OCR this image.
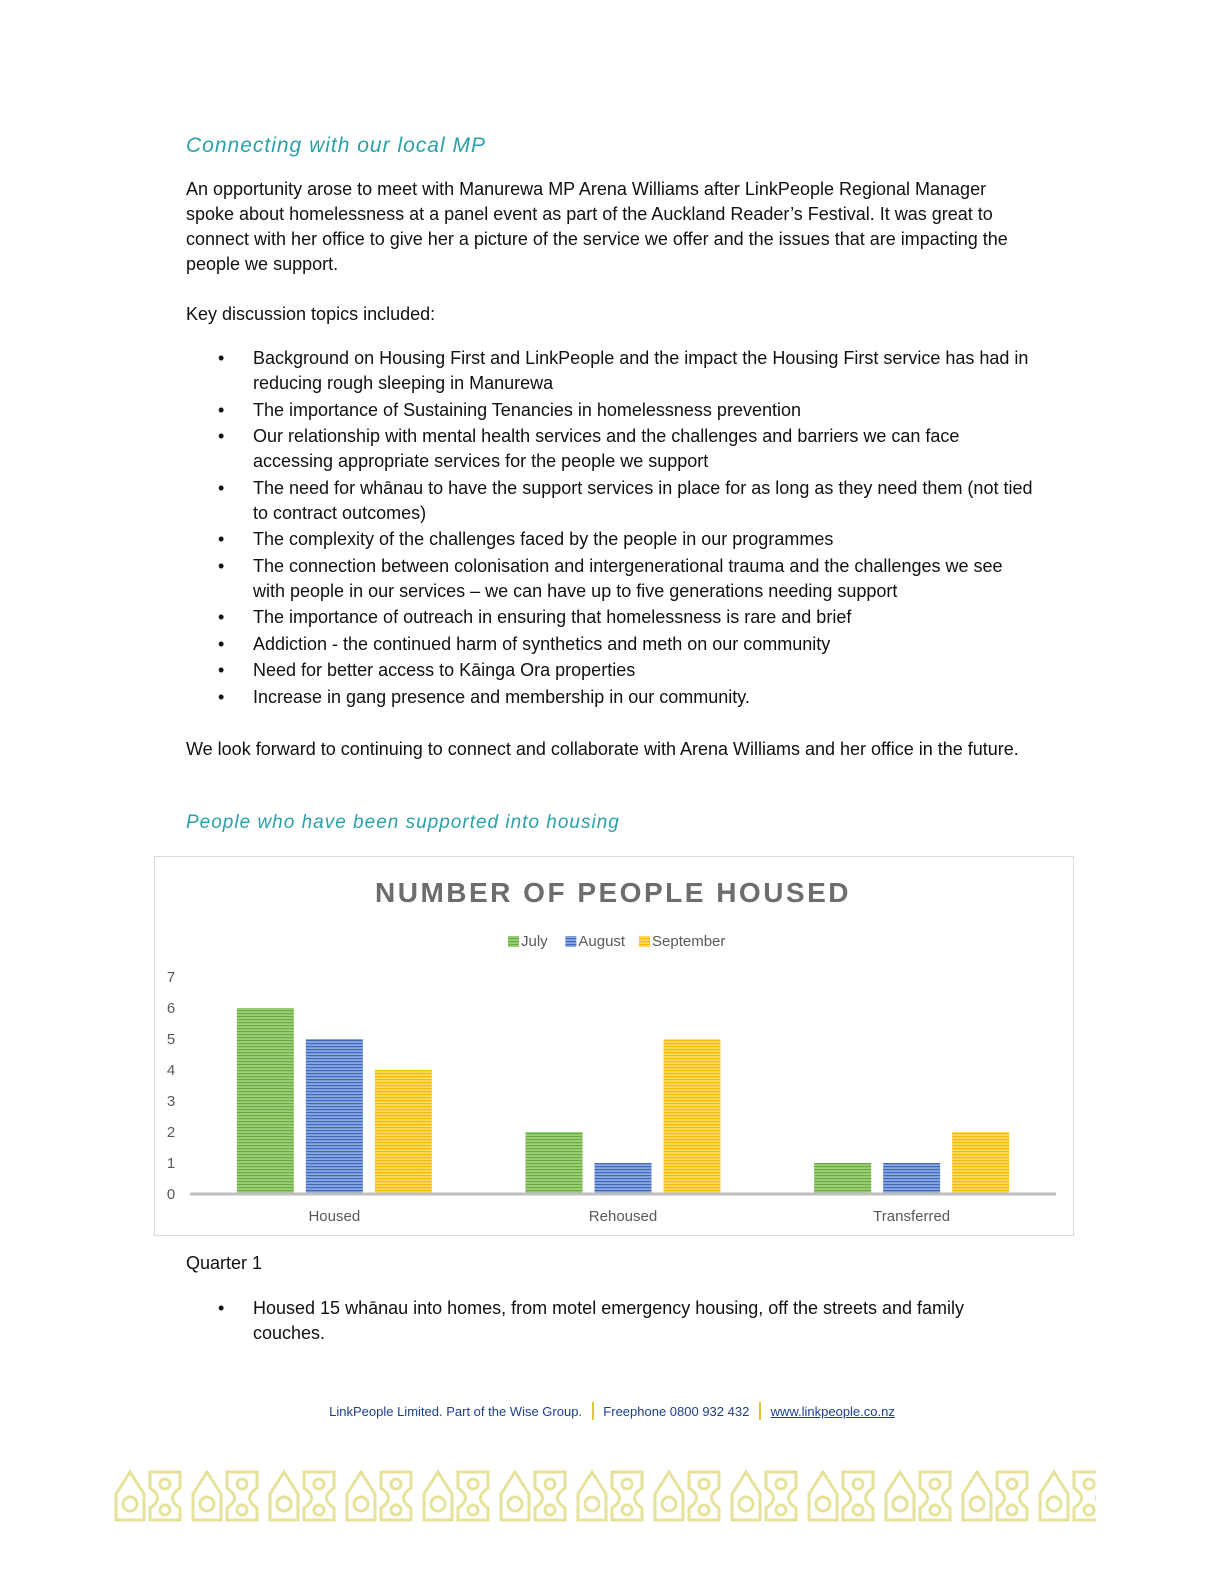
Connecting with our local MP
An opportunity arose to meet with Manurewa MP Arena Williams after LinkPeople Regional Manager spoke about homelessness at a panel event as part of the Auckland Reader’s Festival. It was great to connect with her office to give her a picture of the service we offer and the issues that are impacting the people we support.
Key discussion topics included:
• Background on Housing First and LinkPeople and the impact the Housing First service has had in reducing rough sleeping in Manurewa
• The importance of Sustaining Tenancies in homelessness prevention
• Our relationship with mental health services and the challenges and barriers we can face accessing appropriate services for the people we support
• The need for whānau to have the support services in place for as long as they need them (not tied to contract outcomes)
• The complexity of the challenges faced by the people in our programmes
• The connection between colonisation and intergenerational trauma and the challenges we see with people in our services – we can have up to five generations needing support
• The importance of outreach in ensuring that homelessness is rare and brief
• Addiction - the continued harm of synthetics and meth on our community
• Need for better access to Kāinga Ora properties
• Increase in gang presence and membership in our community.
We look forward to continuing to connect and collaborate with Arena Williams and her office in the future.
People who have been supported into housing
NUMBER OF PEOPLE HOUSED
July August September
0
1
2
3
4
5
6
7
Housed	Rehoused	Transferred
Quarter 1
• Housed 15 whānau into homes, from motel emergency housing, off the streets and family couches.
LinkPeople Limited. Part of the Wise Group. Freephone 0800 932 432 www.linkpeople.co.nz
